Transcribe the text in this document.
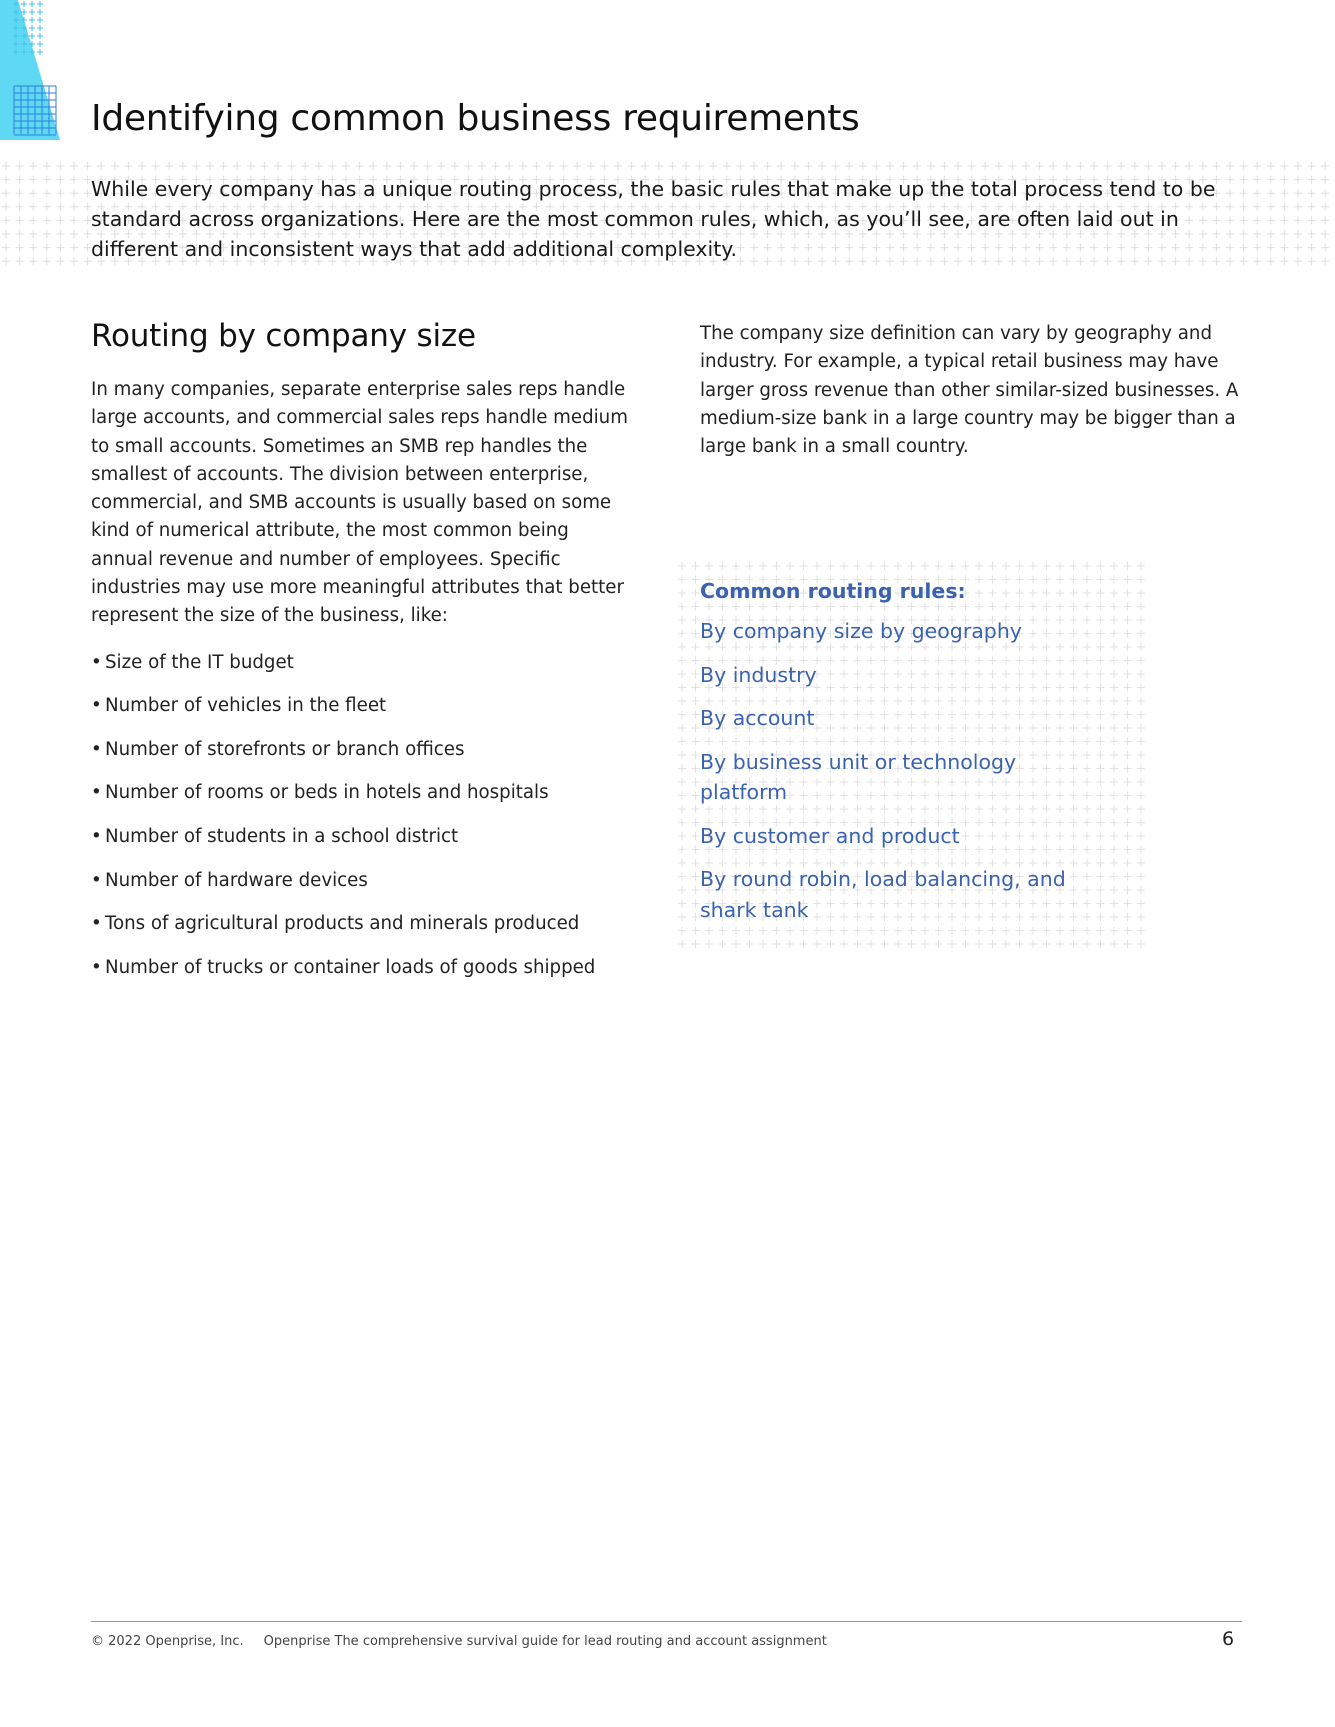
Identifying common business requirements

While every company has a unique routing process, the basic rules that make up the total process tend to be standard across organizations. Here are the most common rules, which, as you’ll see, are often laid out in different and inconsistent ways that add additional complexity.

Routing by company size

In many companies, separate enterprise sales reps handle large accounts, and commercial sales reps handle medium to small accounts. Sometimes an SMB rep handles the smallest of accounts. The division between enterprise, commercial, and SMB accounts is usually based on some kind of numerical attribute, the most common being annual revenue and number of employees. Specific industries may use more meaningful attributes that better represent the size of the business, like:

• Size of the IT budget
• Number of vehicles in the fleet
• Number of storefronts or branch offices
• Number of rooms or beds in hotels and hospitals
• Number of students in a school district
• Number of hardware devices
• Tons of agricultural products and minerals produced
• Number of trucks or container loads of goods shipped

The company size definition can vary by geography and industry. For example, a typical retail business may have larger gross revenue than other similar-sized businesses. A medium-size bank in a large country may be bigger than a large bank in a small country.

Common routing rules:

By company size by geography
By industry
By account
By business unit or technology platform
By customer and product
By round robin, load balancing, and shark tank
© 2022 Openprise, Inc. Openprise The comprehensive survival guide for lead routing and account assignment	6
